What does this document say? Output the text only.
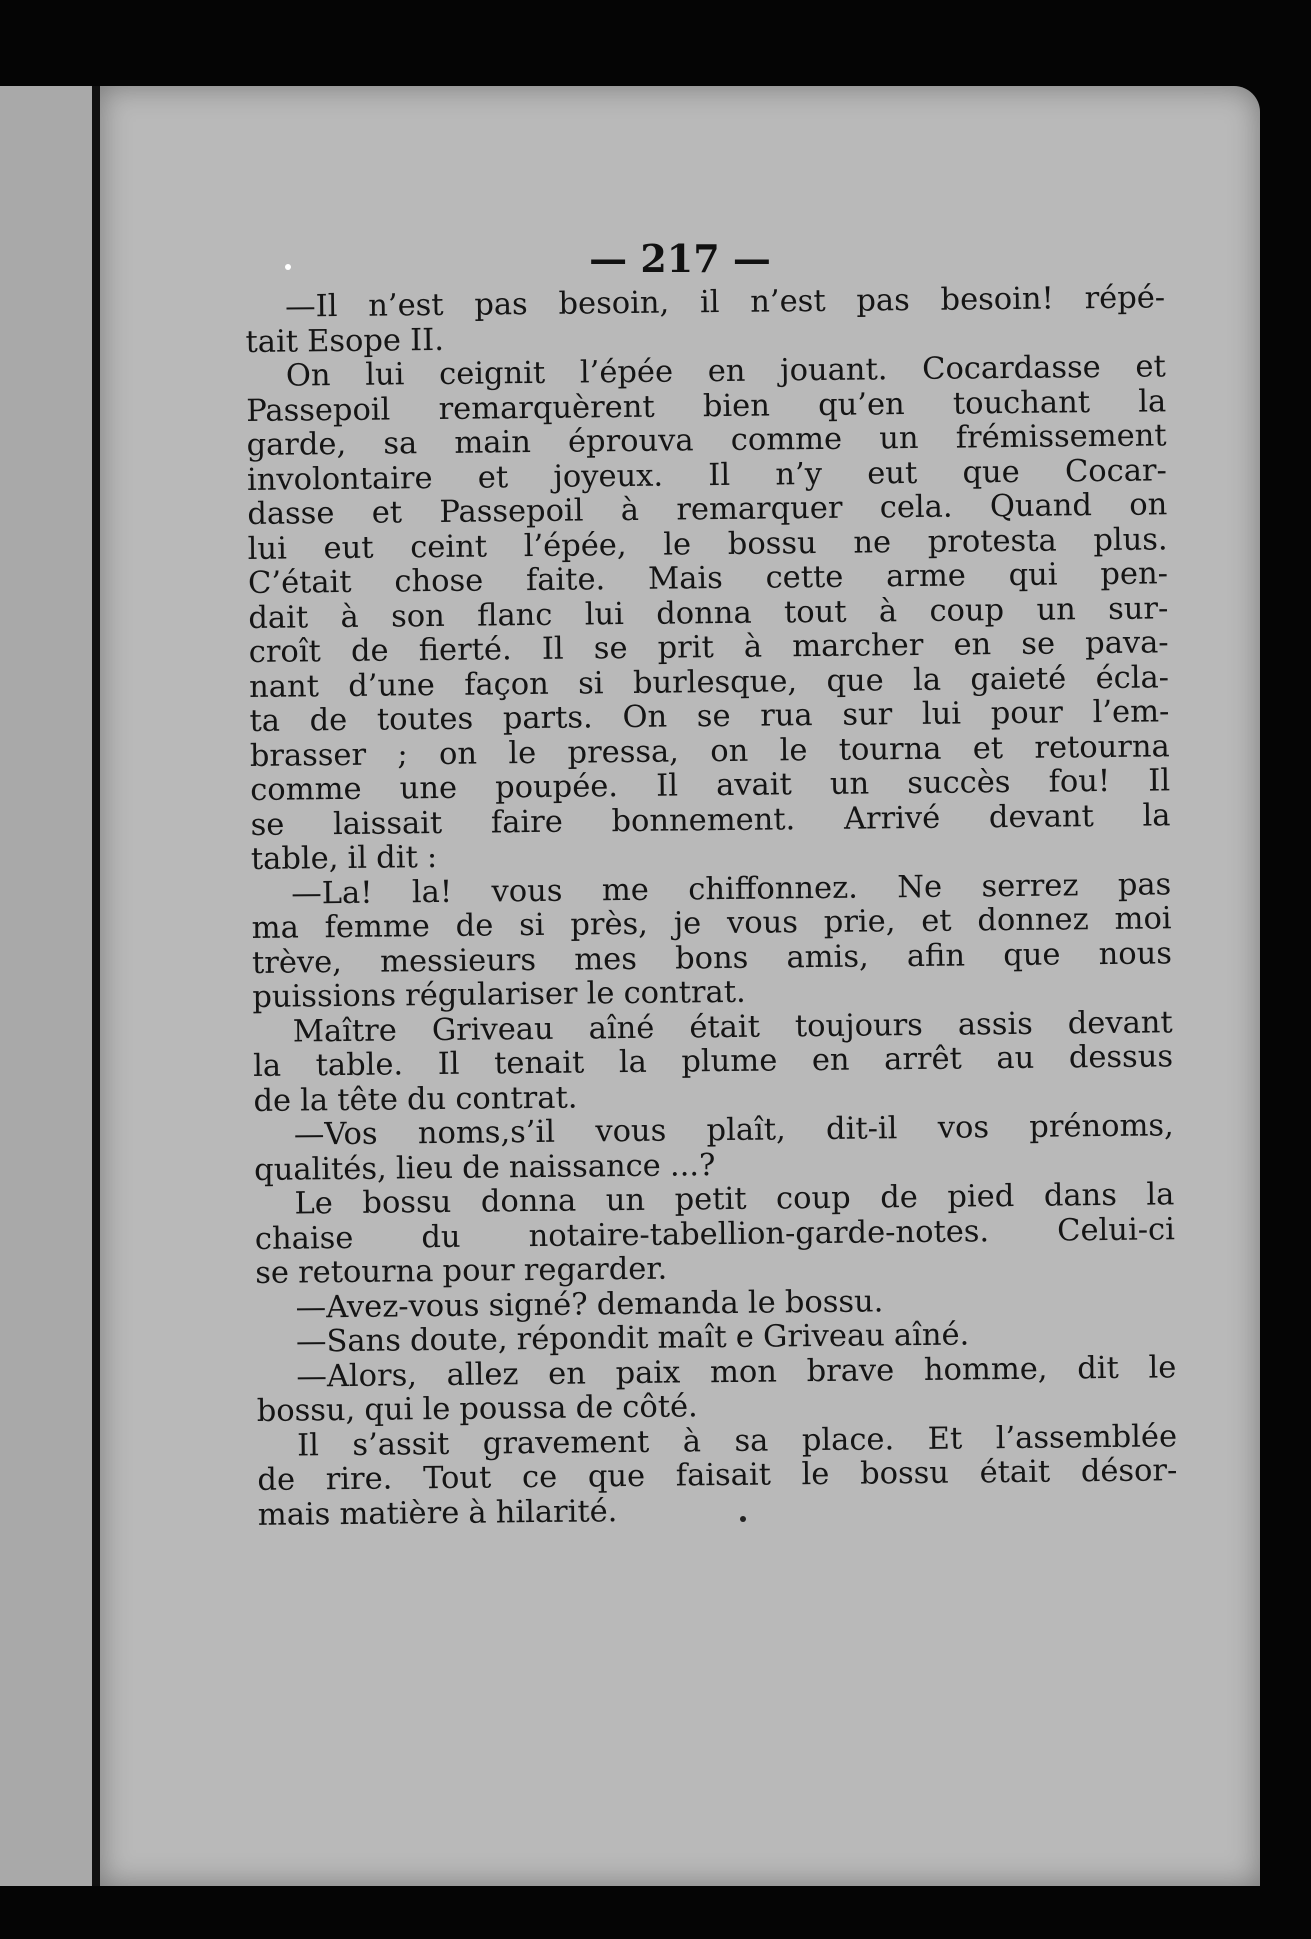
— 217 —
—Il n’est pas besoin, il n’est pas besoin! répé-
tait Esope II.
On lui ceignit l’épée en jouant. Cocardasse et
Passepoil remarquèrent bien qu’en touchant la
garde, sa main éprouva comme un frémissement
involontaire et joyeux. Il n’y eut que Cocar-
dasse et Passepoil à remarquer cela. Quand on
lui eut ceint l’épée, le bossu ne protesta plus.
C’était chose faite. Mais cette arme qui pen-
dait à son flanc lui donna tout à coup un sur-
croît de fierté. Il se prit à marcher en se pava-
nant d’une façon si burlesque, que la gaieté écla-
ta de toutes parts. On se rua sur lui pour l’em-
brasser ; on le pressa, on le tourna et retourna
comme une poupée. Il avait un succès fou! Il
se laissait faire bonnement. Arrivé devant la
table, il dit :
—La! la! vous me chiffonnez. Ne serrez pas
ma femme de si près, je vous prie, et donnez moi
trève, messieurs mes bons amis, afin que nous
puissions régulariser le contrat.
Maître Griveau aîné était toujours assis devant
la table. Il tenait la plume en arrêt au dessus
de la tête du contrat.
—Vos noms,s’il vous plaît, dit-il vos prénoms,
qualités, lieu de naissance ...?
Le bossu donna un petit coup de pied dans la
chaise du notaire-tabellion-garde-notes. Celui-ci
se retourna pour regarder.
—Avez-vous signé? demanda le bossu.
—Sans doute, répondit maît e Griveau aîné.
—Alors, allez en paix mon brave homme, dit le
bossu, qui le poussa de côté.
Il s’assit gravement à sa place. Et l’assemblée
de rire. Tout ce que faisait le bossu était désor-
mais matière à hilarité.
